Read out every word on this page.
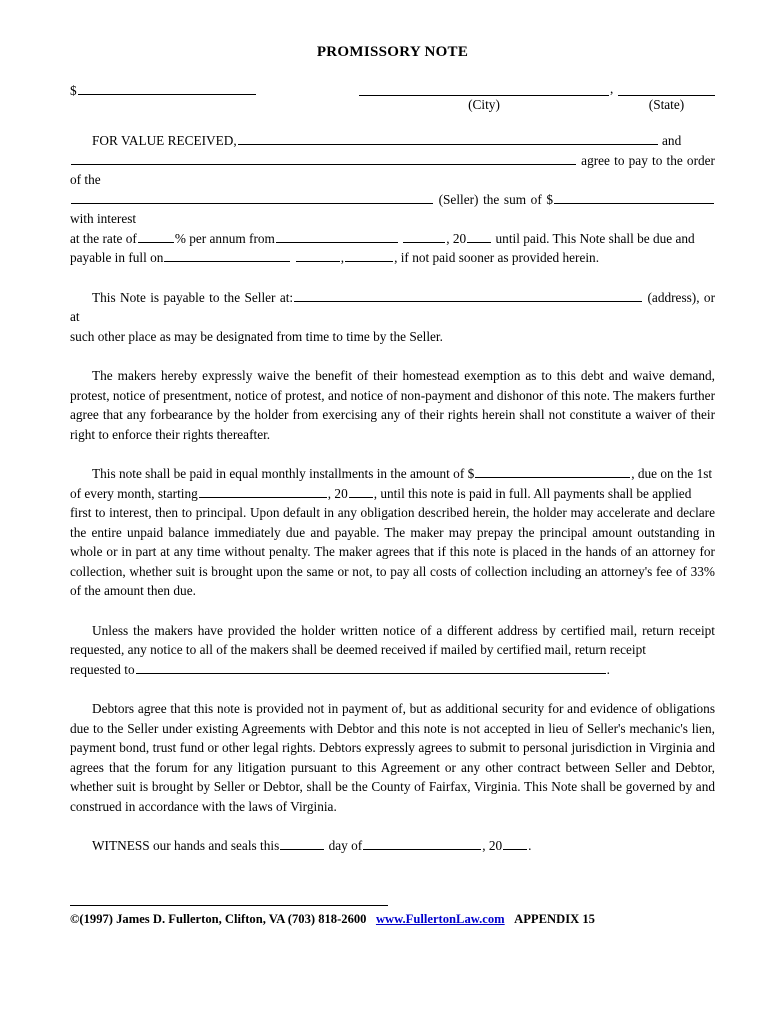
PROMISSORY NOTE
$	,
(City)	(State)
FOR VALUE RECEIVED,	and
agree to pay to the order of the
(Seller) the sum of $ with interest
at the rate of	% per annum from	, 20 until paid. This Note shall be due and
payable in full on	,	, if not paid sooner as provided herein.
This Note is payable to the Seller at:	(address), or at
such other place as may be designated from time to time by the Seller.

The makers hereby expressly waive the benefit of their homestead exemption as to this debt and waive demand, protest, notice of presentment, notice of protest, and notice of non-payment and dishonor of this note. The makers further agree that any forbearance by the holder from exercising any of their rights herein shall not constitute a waiver of their right to enforce their rights thereafter.

This note shall be paid in equal monthly installments in the amount of $	, due on the 1st
of every month, starting	, 20 , until this note is paid in full. All payments shall be applied

first to interest, then to principal. Upon default in any obligation described herein, the holder may accelerate and declare the entire unpaid balance immediately due and payable. The maker may prepay the principal amount outstanding in whole or in part at any time without penalty. The maker agrees that if this note is placed in the hands of an attorney for collection, whether suit is brought upon the same or not, to pay all costs of collection including an attorney's fee of 33% of the amount then due.

Unless the makers have provided the holder written notice of a different address by certified mail, return receipt requested, any notice to all of the makers shall be deemed received if mailed by certified mail, return receipt

requested to	.

Debtors agree that this note is provided not in payment of, but as additional security for and evidence of obligations due to the Seller under existing Agreements with Debtor and this note is not accepted in lieu of Seller's mechanic's lien, payment bond, trust fund or other legal rights. Debtors expressly agrees to submit to personal jurisdiction in Virginia and agrees that the forum for any litigation pursuant to this Agreement or any other contract between Seller and Debtor, whether suit is brought by Seller or Debtor, shall be the County of Fairfax, Virginia. This Note shall be governed by and construed in accordance with the laws of Virginia.

WITNESS our hands and seals this	day of	, 20 .
©(1997) James D. Fullerton, Clifton, VA (703) 818-2600 www.FullertonLaw.com APPENDIX 15
